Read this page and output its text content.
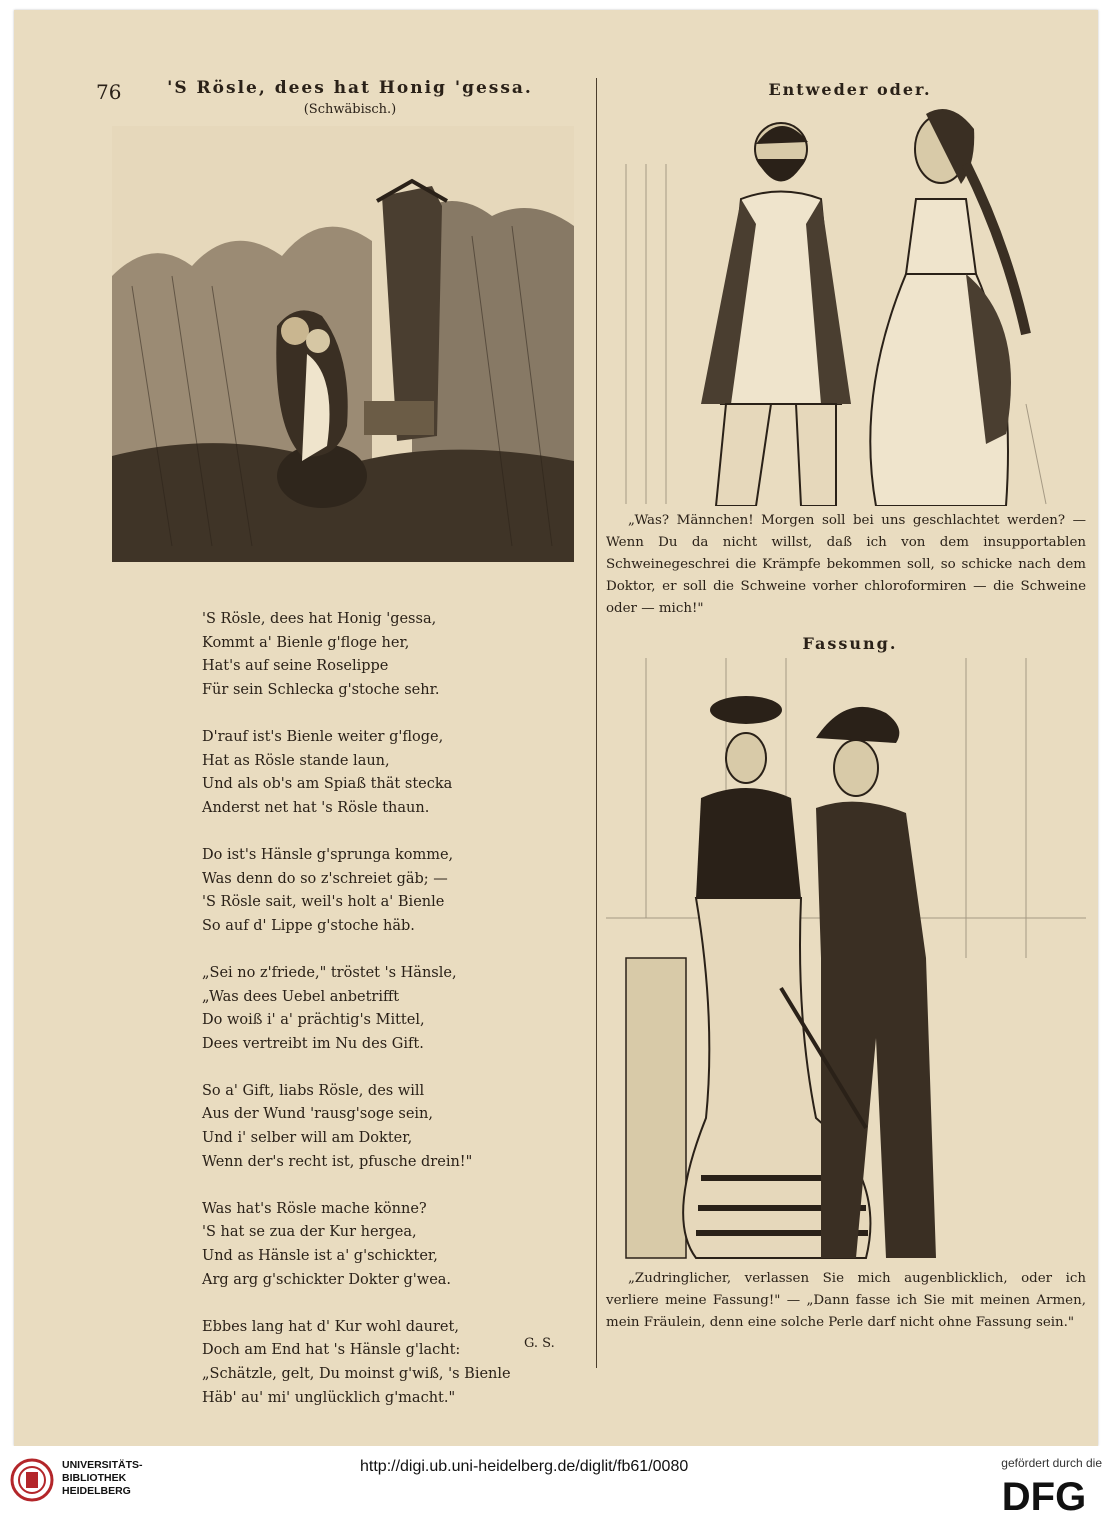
76	'S Rösle, dees hat Honig 'gessa.
(Schwäbisch.)
'S Rösle, dees hat Honig 'gessa,
Kommt a' Bienle g'floge her,
Hat's auf seine Roselippe
Für sein Schlecka g'stoche sehr.
D'rauf ist's Bienle weiter g'floge,
Hat as Rösle stande laun,
Und als ob's am Spiaß thät stecka
Anderst net hat 's Rösle thaun.
Do ist's Hänsle g'sprunga komme,
Was denn do so z'schreiet gäb; —
'S Rösle sait, weil's holt a' Bienle
So auf d' Lippe g'stoche häb.
„Sei no z'friede," tröstet 's Hänsle,
„Was dees Uebel anbetrifft
Do woiß i' a' prächtig's Mittel,
Dees vertreibt im Nu des Gift.
So a' Gift, liabs Rösle, des will
Aus der Wund 'rausg'soge sein,
Und i' selber will am Dokter,
Wenn der's recht ist, pfusche drein!"
Was hat's Rösle mache könne?
'S hat se zua der Kur hergea,
Und as Hänsle ist a' g'schickter,
Arg arg g'schickter Dokter g'wea.
Ebbes lang hat d' Kur wohl dauret,
Doch am End hat 's Hänsle g'lacht:
„Schätzle, gelt, Du moinst g'wiß, 's Bienle
Häb' au' mi' unglücklich g'macht."
G. S.
Entweder oder.

„Was? Männchen! Morgen soll bei uns geschlachtet werden? — Wenn Du da nicht willst, daß ich von dem insupportablen Schweinegeschrei die Krämpfe bekommen soll, so schicke nach dem Doktor, er soll die Schweine vorher chloroformiren — die Schweine oder — mich!"

Fassung.

„Zudringlicher, verlassen Sie mich augenblicklich, oder ich verliere meine Fassung!" — „Dann fasse ich Sie mit meinen Armen, mein Fräulein, denn eine solche Perle darf nicht ohne Fassung sein."

UNIVERSITÄTS-
BIBLIOTHEK
HEIDELBERG
http://digi.ub.uni-heidelberg.de/diglit/fb61/0080	gefördert durch die
DFG
